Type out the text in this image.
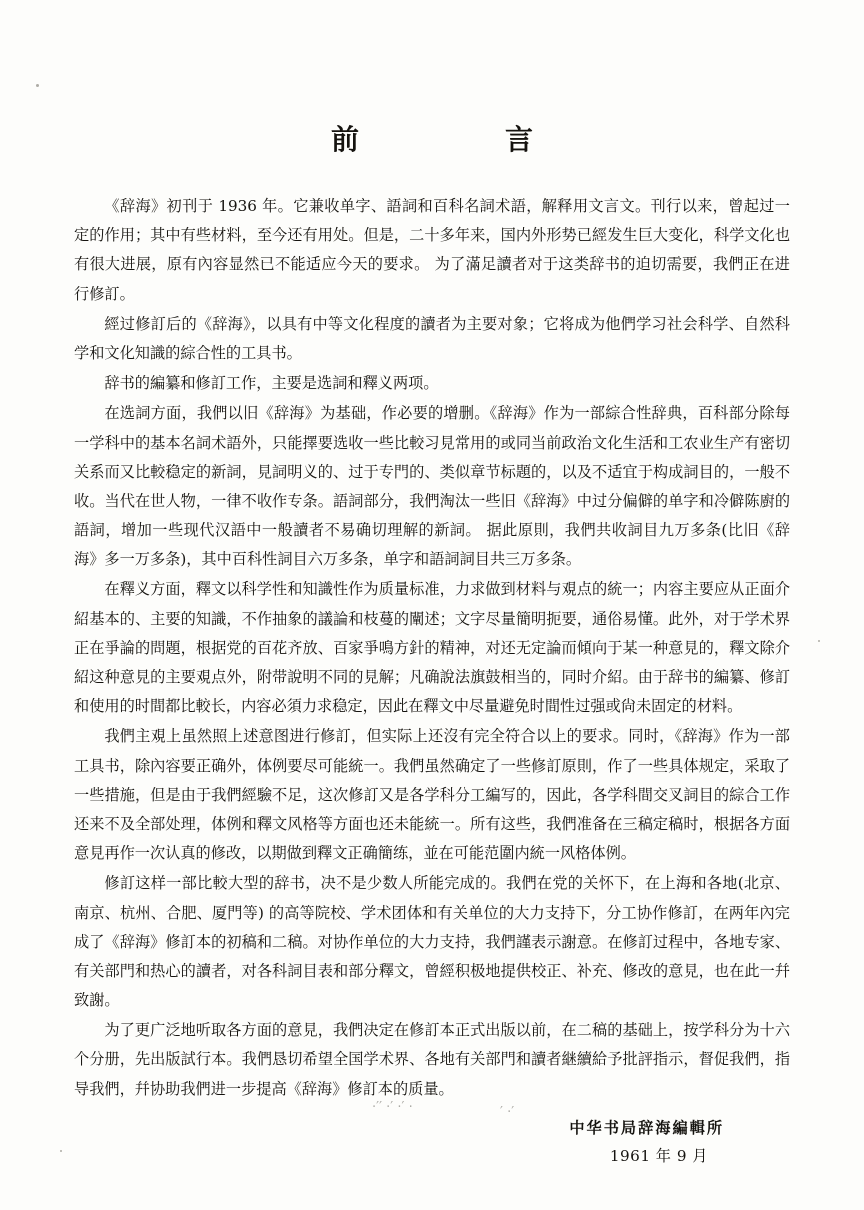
前　　言

《辞海》初刊于 1936 年。它兼收单字、語詞和百科名詞术語，解释用文言文。刊行以来，曾起过一定的作用；其中有些材料，至今还有用处。但是，二十多年来，国内外形势已經发生巨大变化，科学文化也有很大进展，原有內容显然已不能适应今天的要求。 为了滿足讀者对于这类辞书的迫切需要，我們正在进行修訂。

經过修訂后的《辞海》，以具有中等文化程度的讀者为主要对象；它将成为他們学习社会科学、自然科学和文化知識的綜合性的工具书。

辞书的編纂和修訂工作，主要是选詞和釋义两项。

在选詞方面，我們以旧《辞海》为基础，作必要的增删。《辞海》作为一部綜合性辞典，百科部分除每一学科中的基本名詞术語外，只能擇要选收一些比較习見常用的或同当前政治文化生活和工农业生产有密切关系而又比較稳定的新詞，見詞明义的、过于专門的、类似章节标題的，以及不适宜于构成詞目的，一般不收。当代在世人物，一律不收作专条。語詞部分，我們淘汰一些旧《辞海》中过分偏僻的单字和冷僻陈廚的語詞，增加一些现代汉語中一般讀者不易确切理解的新詞。 据此原則，我們共收詞目九万多条(比旧《辞海》多一万多条)，其中百科性詞目六万多条，单字和語詞詞目共三万多条。

在釋义方面，釋文以科学性和知識性作为质量标准，力求做到材料与覌点的統一；内容主要应从正面介紹基本的、主要的知識，不作抽象的議論和枝蔓的闡述；文字尽量簡明扼要，通俗易懂。此外，对于学术界正在爭論的問題，根据党的百花齐放、百家爭鳴方針的精神，对还无定論而傾向于某一种意見的，釋文除介紹这种意見的主要覌点外，附带說明不同的見解；凡确說法旗鼓相当的，同时介紹。由于辞书的編纂、修訂和使用的时間都比較长，内容必須力求稳定，因此在釋文中尽量避免时間性过强或尙未固定的材料。

我們主覌上虽然照上述意图进行修訂，但实际上还沒有完全符合以上的要求。同时，《辞海》作为一部工具书，除內容要正确外，体例要尽可能統一。我們虽然确定了一些修訂原則，作了一些具体规定，采取了一些措施，但是由于我們經驗不足，这次修訂又是各学科分工編写的，因此，各学科間交叉詞目的綜合工作还来不及全部处理，体例和釋文风格等方面也还未能統一。所有这些，我們准备在三稿定稿时，根据各方面意見再作一次认真的修改，以期做到釋文正确簡练，並在可能范圍内統一风格体例。

修訂这样一部比較大型的辞书，决不是少数人所能完成的。我們在党的关怀下，在上海和各地(北京、南京、杭州、合肥、厦門等) 的高等院校、学术团体和有关单位的大力支持下，分工协作修訂，在两年內完成了《辞海》修訂本的初稿和二稿。对协作单位的大力支持，我們謹表示謝意。在修訂过程中，各地专家、有关部門和热心的讀者，对各科詞目表和部分釋文，曾經积极地提供校正、补充、修改的意見，也在此一幷致謝。

为了更广泛地听取各方面的意見，我們决定在修訂本正式出版以前，在二稿的基础上，按学科分为十六个分册，先出版試行本。我們恳切希望全国学术界、各地有关部門和讀者継續給予批評指示，督促我們，指导我們，幷协助我們进一步提高《辞海》修訂本的质量。

中华书局辞海編輯所
1961 年 9 月
·′′ ·′ ·′ ·	′ ·′
